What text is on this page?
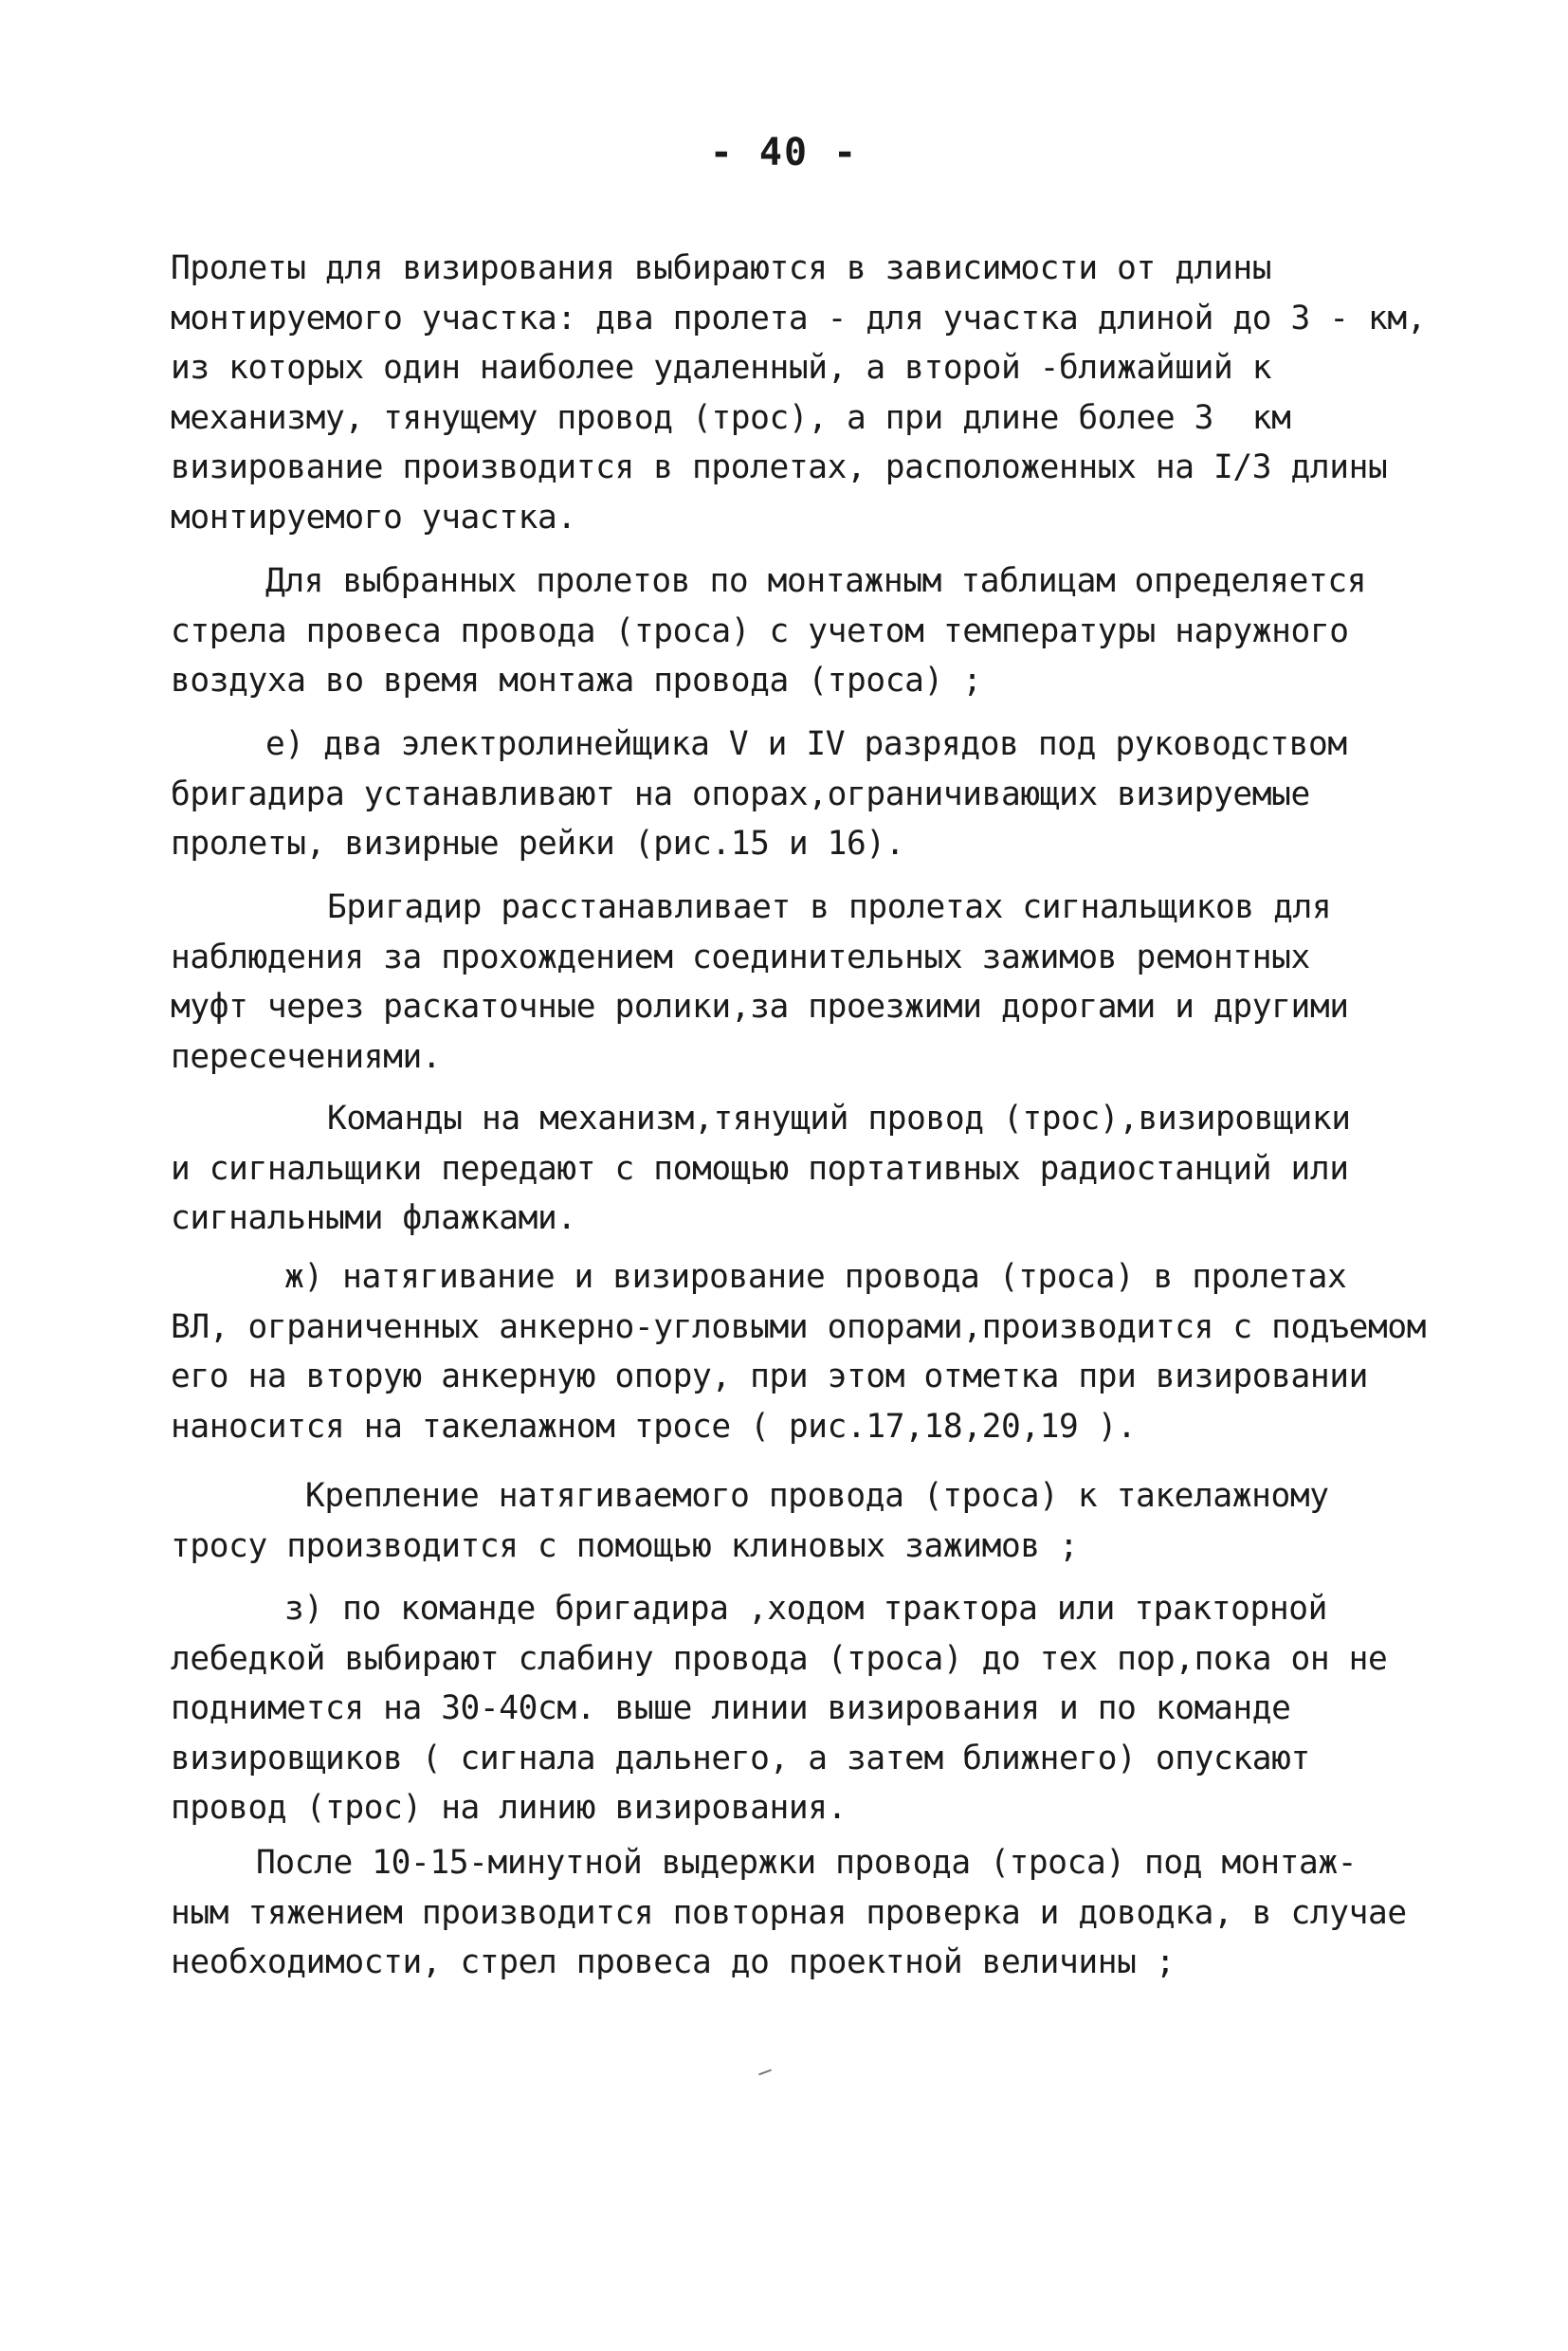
- 40 -
Пролеты для визирования выбираются в зависимости от длины
монтируемого участка: два пролета - для участка длиной до 3 - км,
из которых один наиболее удаленный, а второй -ближайший к
механизму, тянущему провод (трос), а при длине более 3  км
визирование производится в пролетах, расположенных на I/3 длины
монтируемого участка.
Для выбранных пролетов по монтажным таблицам определяется
стрела провеса провода (троса) с учетом температуры наружного
воздуха во время монтажа провода (троса) ;
е) два электролинейщика V и IV разрядов под руководством
бригадира устанавливают на опорах,ограничивающих визируемые
пролеты, визирные рейки (рис.15 и 16).
Бригадир расстанавливает в пролетах сигнальщиков для
наблюдения за прохождением соединительных зажимов ремонтных
муфт через раскаточные ролики,за проезжими дорогами и другими
пересечениями.
Команды на механизм,тянущий провод (трос),визировщики
и сигнальщики передают с помощью портативных радиостанций или
сигнальными флажками.
ж) натягивание и визирование провода (троса) в пролетах
ВЛ, ограниченных анкерно-угловыми опорами,производится с подъемом
его на вторую анкерную опору, при этом отметка при визировании
наносится на такелажном тросе ( рис.17,18,20,19 ).
Крепление натягиваемого провода (троса) к такелажному
тросу производится с помощью клиновых зажимов ;
з) по команде бригадира ,ходом трактора или тракторной
лебедкой выбирают слабину провода (троса) до тех пор,пока он не
поднимется на 30-40см. выше линии визирования и по команде
визировщиков ( сигнала дальнего, а затем ближнего) опускают
провод (трос) на линию визирования.
После 10-15-минутной выдержки провода (троса) под монтаж-
ным тяжением производится повторная проверка и доводка, в случае
необходимости, стрел провеса до проектной величины ;
